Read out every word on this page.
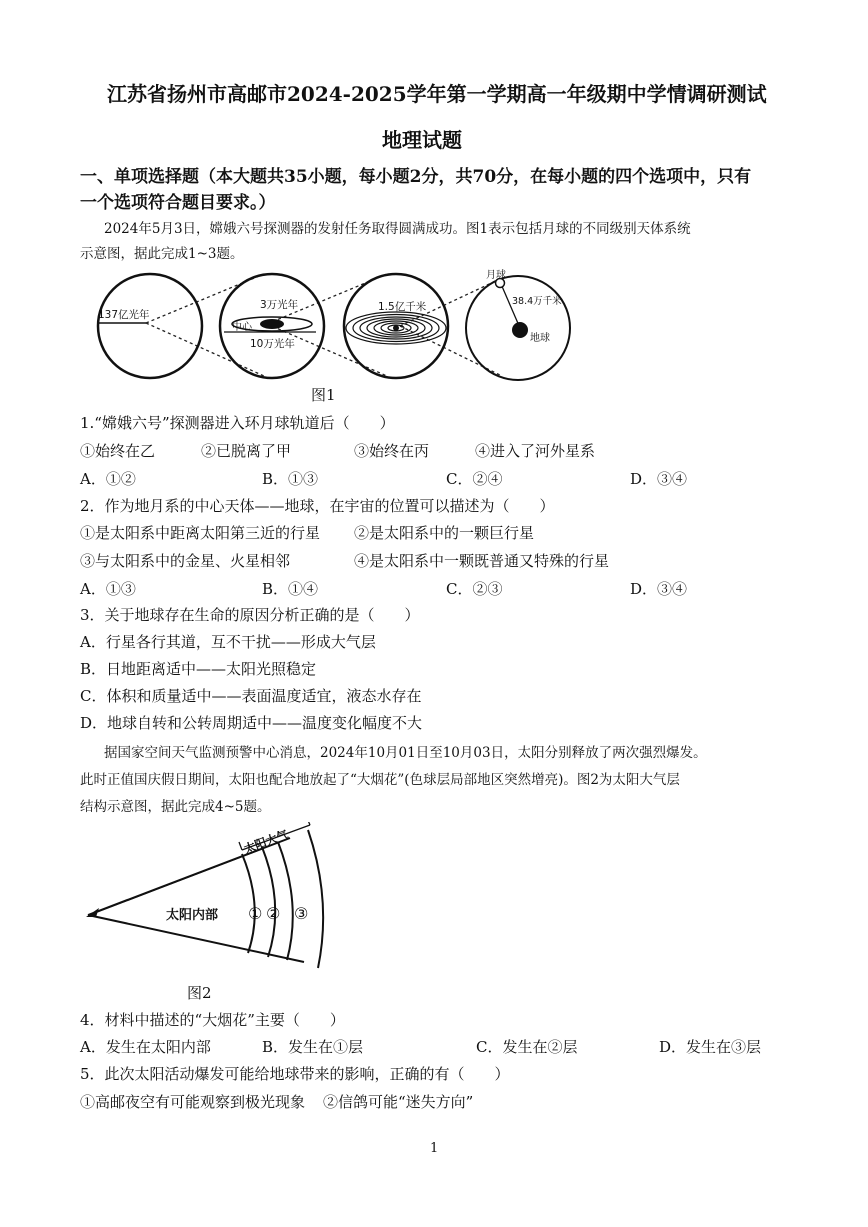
江苏省扬州市高邮市2024-2025学年第一学期高一年级期中学情调研测试
地理试题
一、单项选择题（本大题共35小题，每小题2分，共70分，在每小题的四个选项中，只有
一个选项符合题目要求。）
2024年5月3日，嫦娥六号探测器的发射任务取得圆满成功。图1表示包括月球的不同级别天体系统
示意图，据此完成1~3题。
137亿光年
3万光年
中心
10万光年
1.5亿千米
月球
38.4万千米
地球
图1
1.“嫦娥六号”探测器进入环月球轨道后（　　）
①始终在乙	②已脱离了甲	③始终在丙	④进入了河外星系
A．①②	B．①③	C．②④	D．③④
2．作为地月系的中心天体——地球，在宇宙的位置可以描述为（　　）
①是太阳系中距离太阳第三近的行星 ②是太阳系中的一颗巨行星
③与太阳系中的金星、火星相邻	④是太阳系中一颗既普通又特殊的行星
A．①③	B．①④	C．②③	D．③④
3．关于地球存在生命的原因分析正确的是（　　）
A．行星各行其道，互不干扰——形成大气层
B．日地距离适中——太阳光照稳定
C．体积和质量适中——表面温度适宜，液态水存在
D．地球自转和公转周期适中——温度变化幅度不大
据国家空间天气监测预警中心消息，2024年10月01日至10月03日，太阳分别释放了两次强烈爆发。
此时正值国庆假日期间，太阳也配合地放起了“大烟花”(色球层局部地区突然增亮)。图2为太阳大气层
结构示意图，据此完成4~5题。
太阳大气
太阳内部 ① ② ③
图2
4．材料中描述的“大烟花”主要（　　）
A．发生在太阳内部	B．发生在①层	C．发生在②层	D．发生在③层
5．此次太阳活动爆发可能给地球带来的影响，正确的有（　　）
①高邮夜空有可能观察到极光现象 ②信鸽可能“迷失方向”
1
